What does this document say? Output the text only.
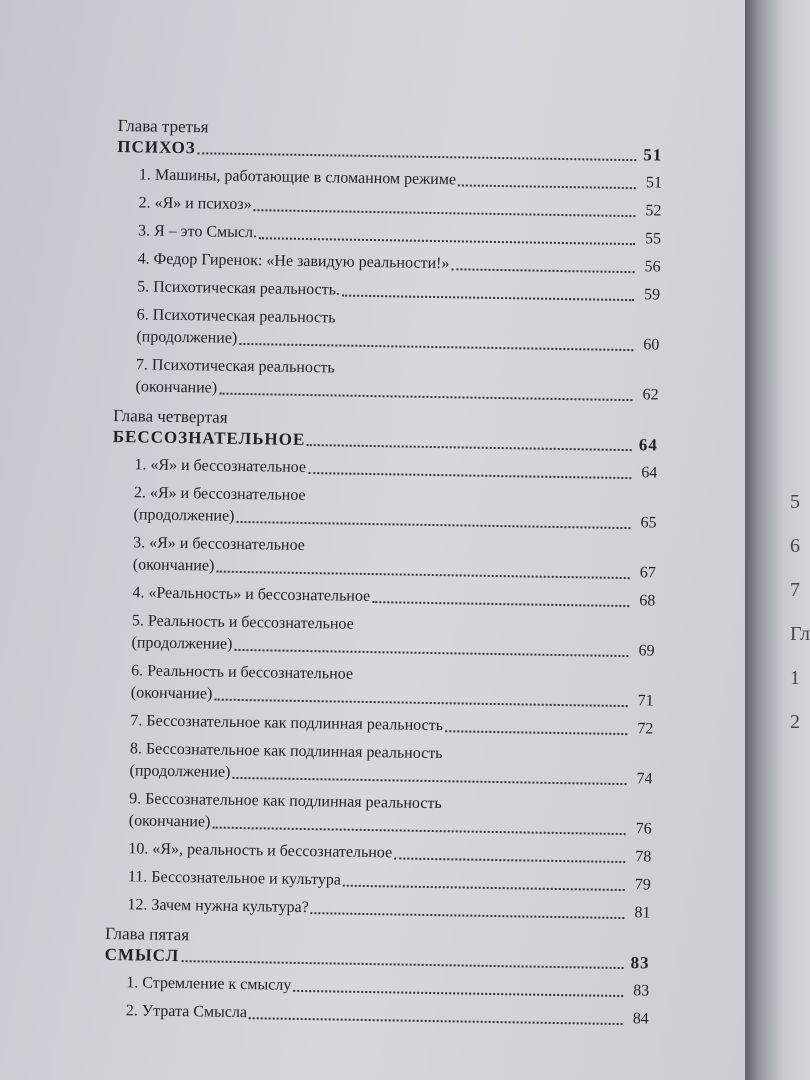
Глава третья
ПСИХОЗ	51
1. Машины, работающие в сломанном режиме	51
2. «Я» и психоз»	52
3. Я – это Смысл.	55
4. Федор Гиренок: «Не завидую реальности!»	56
5. Психотическая реальность.	59
6. Психотическая реальность
(продолжение)	60
7. Психотическая реальность
(окончание)	62
Глава четвертая
БЕССОЗНАТЕЛЬНОЕ	64
1. «Я» и бессознательное	64
2. «Я» и бессознательное
(продолжение)	65
3. «Я» и бессознательное
(окончание)	67
4. «Реальность» и бессознательное	68
5. Реальность и бессознательное
(продолжение)	69
6. Реальность и бессознательное
(окончание)	71
7. Бессознательное как подлинная реальность	72
8. Бессознательное как подлинная реальность
(продолжение)	74
9. Бессознательное как подлинная реальность
(окончание)	76
10. «Я», реальность и бессознательное	78
11. Бессознательное и культура	79
12. Зачем нужна культура?	81
Глава пятая
СМЫСЛ	83
1. Стремление к смыслу	83
2. Утрата Смысла	84
5
6
7
Гл
1
2
